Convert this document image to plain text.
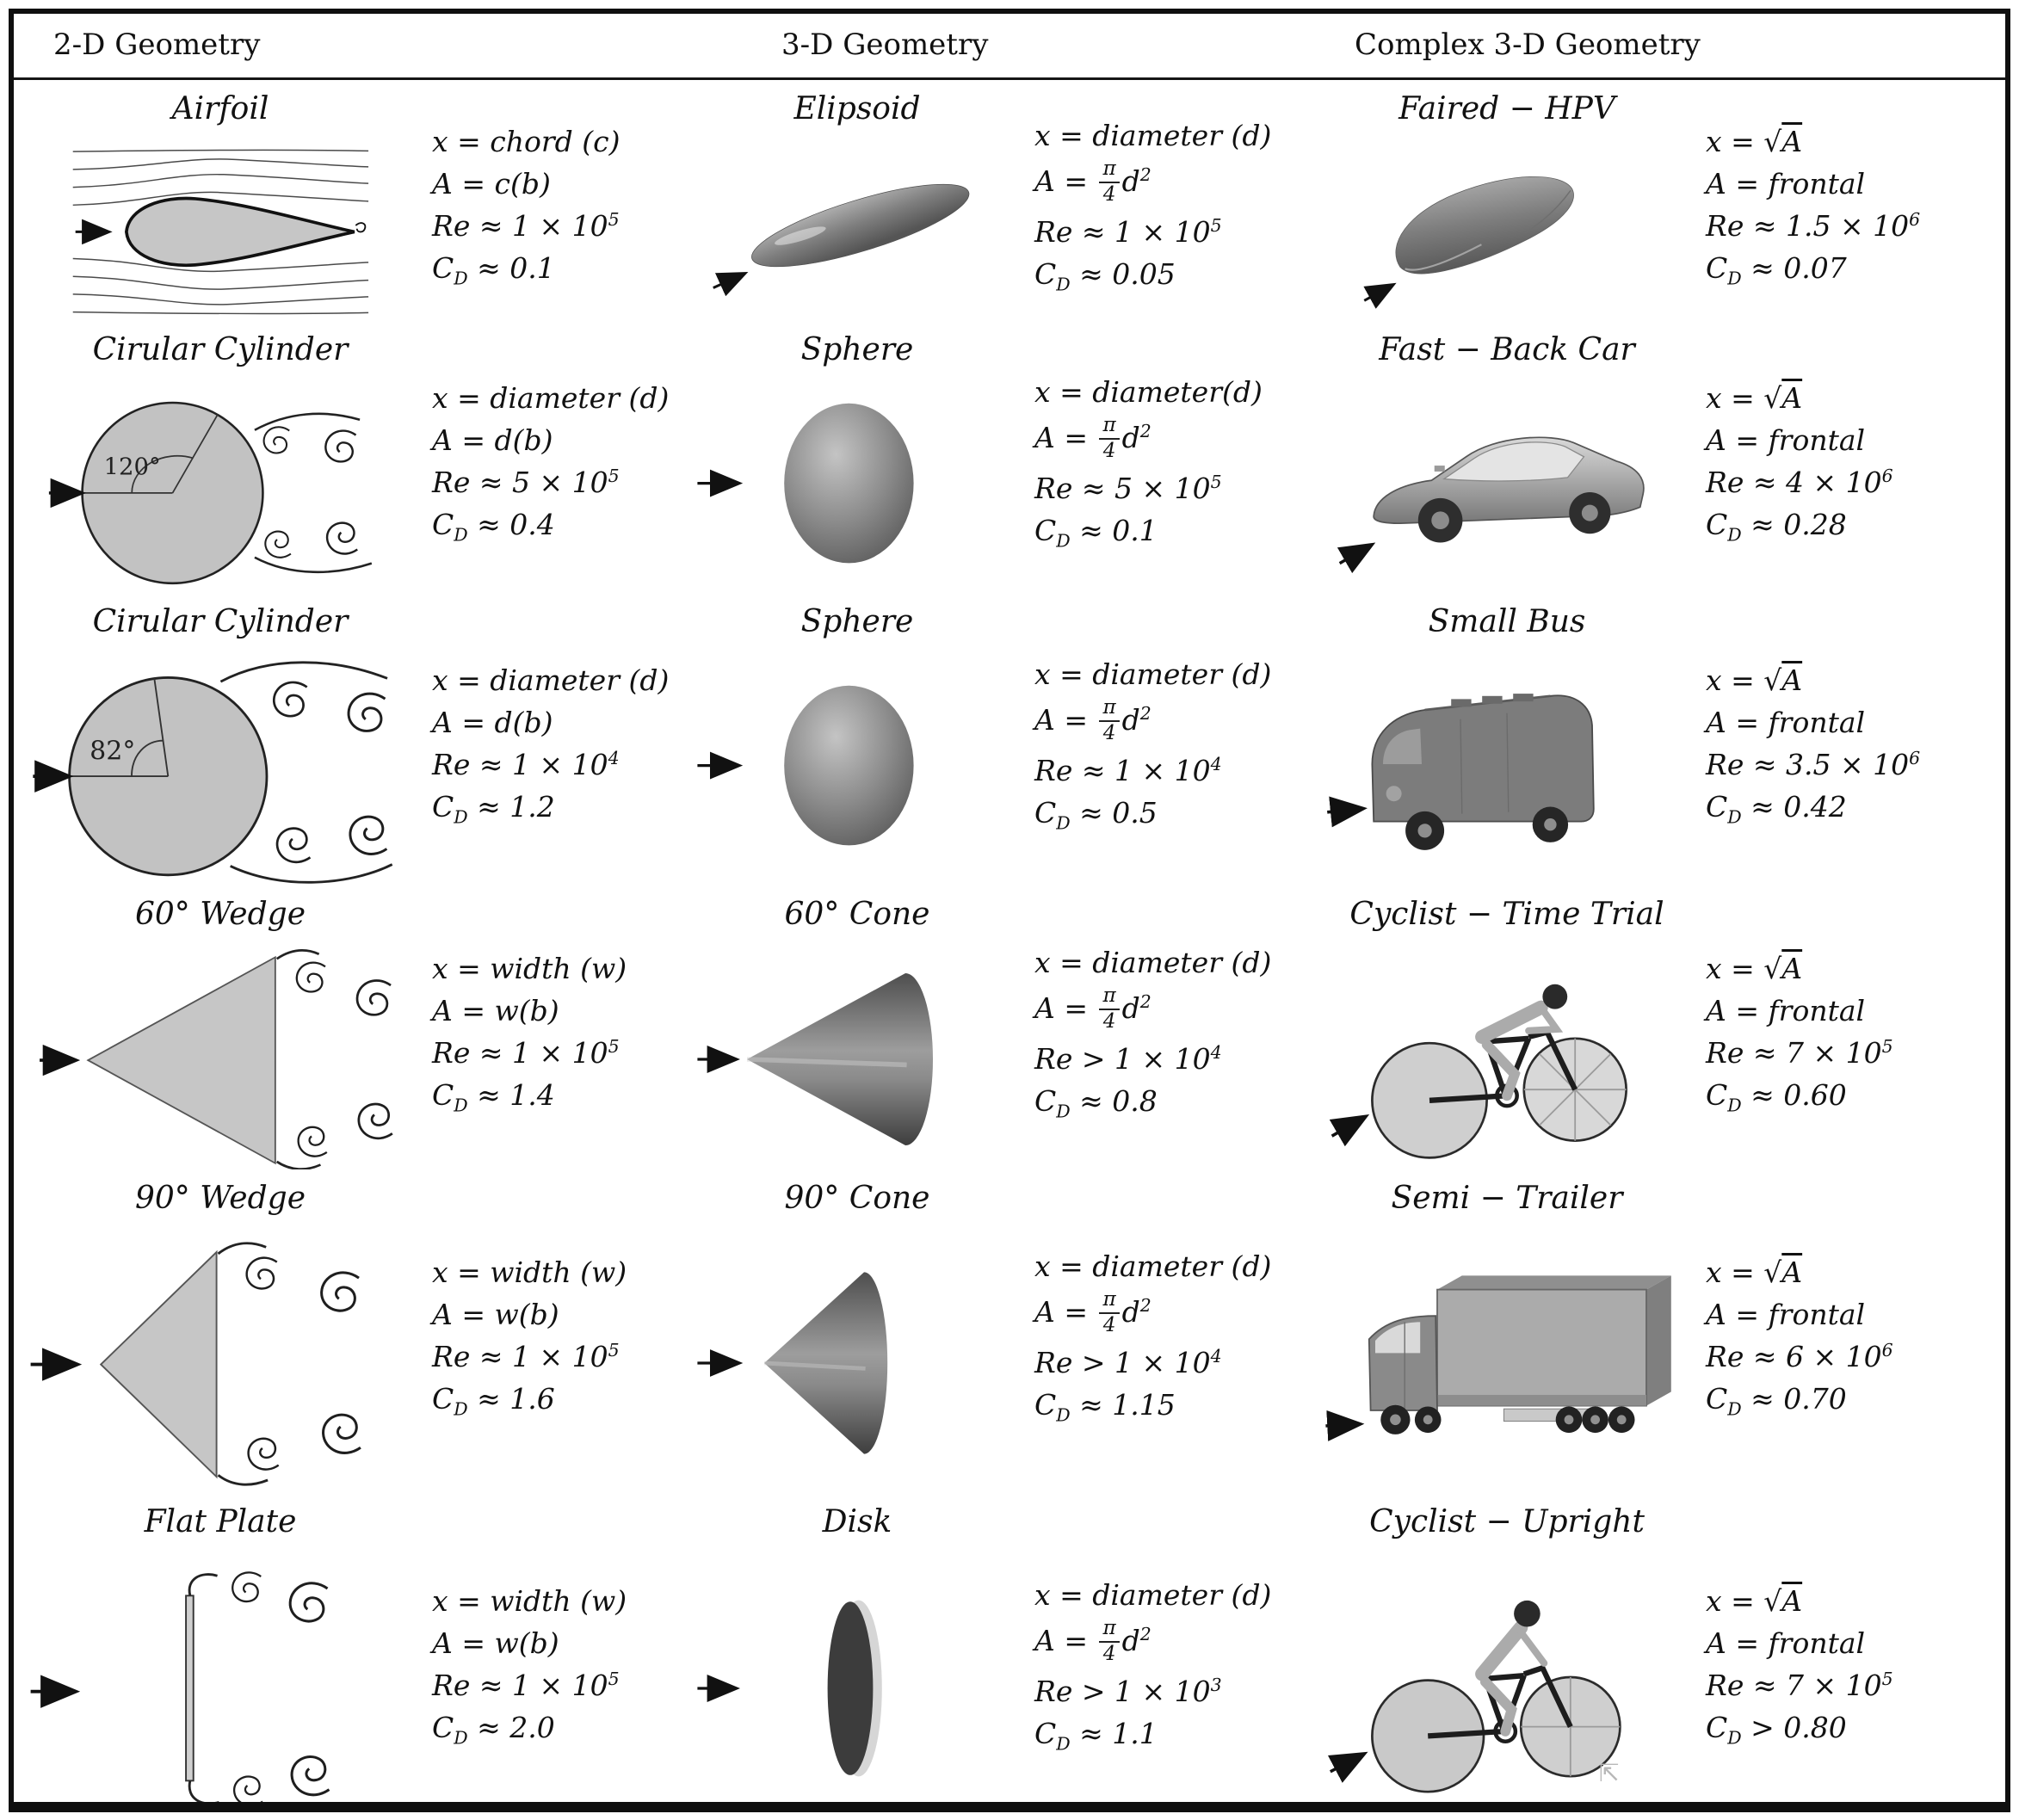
2-D Geometry	3-D Geometry	Complex 3-D Geometry
Airfoil
x = chord (c)
A = c(b)
$Re \approx 1 \times 10^5$
$C_D \approx 0.1$
Elipsoid
x = diameter (d)
$A = \frac{\pi}{4} d^2$
$Re \approx 1 \times 10^5$
$C_D \approx 0.05$
Faired − HPV
x = √A
A = frontal
$Re \approx 1.5 \times 10^6$
$C_D \approx 0.07$
Cirular Cylinder
120°
x = diameter (d)
A = d(b)
$Re \approx 5 \times 10^5$
$C_D \approx 0.4$
Sphere
x = diameter(d)
$A = \frac{\pi}{4} d^2$
$Re \approx 5 \times 10^5$
$C_D \approx 0.1$
Fast − Back Car
x = √A
A = frontal
$Re \approx 4 \times 10^6$
$C_D \approx 0.28$
Cirular Cylinder
82°
x = diameter (d)
A = d(b)
$Re \approx 1 \times 10^4$
$C_D \approx 1.2$
Sphere
x = diameter (d)
$A = \frac{\pi}{4} d^2$
$Re \approx 1 \times 10^4$
$C_D \approx 0.5$
Small Bus
x = √A
A = frontal
$Re \approx 3.5 \times 10^6$
$C_D \approx 0.42$
60° Wedge
x = width (w)
A = w(b)
$Re \approx 1 \times 10^5$
$C_D \approx 1.4$
60° Cone
x = diameter (d)
$A = \frac{\pi}{4} d^2$
$Re > 1 \times 10^4$
$C_D \approx 0.8$
Cyclist − Time Trial
x = √A
A = frontal
$Re \approx 7 \times 10^5$
$C_D \approx 0.60$
90° Wedge
x = width (w)
A = w(b)
$Re \approx 1 \times 10^5$
$C_D \approx 1.6$
90° Cone
x = diameter (d)
$A = \frac{\pi}{4} d^2$
$Re > 1 \times 10^4$
$C_D \approx 1.15$
Semi − Trailer
x = √A
A = frontal
$Re \approx 6 \times 10^6$
$C_D \approx 0.70$
Flat Plate
x = width (w)
A = w(b)
$Re \approx 1 \times 10^5$
$C_D \approx 2.0$
Disk
x = diameter (d)
$A = \frac{\pi}{4} d^2$
$Re > 1 \times 10^3$
$C_D \approx 1.1$
Cyclist − Upright
x = √A
A = frontal
$Re \approx 7 \times 10^5$
$C_D > 0.80$
⇱
